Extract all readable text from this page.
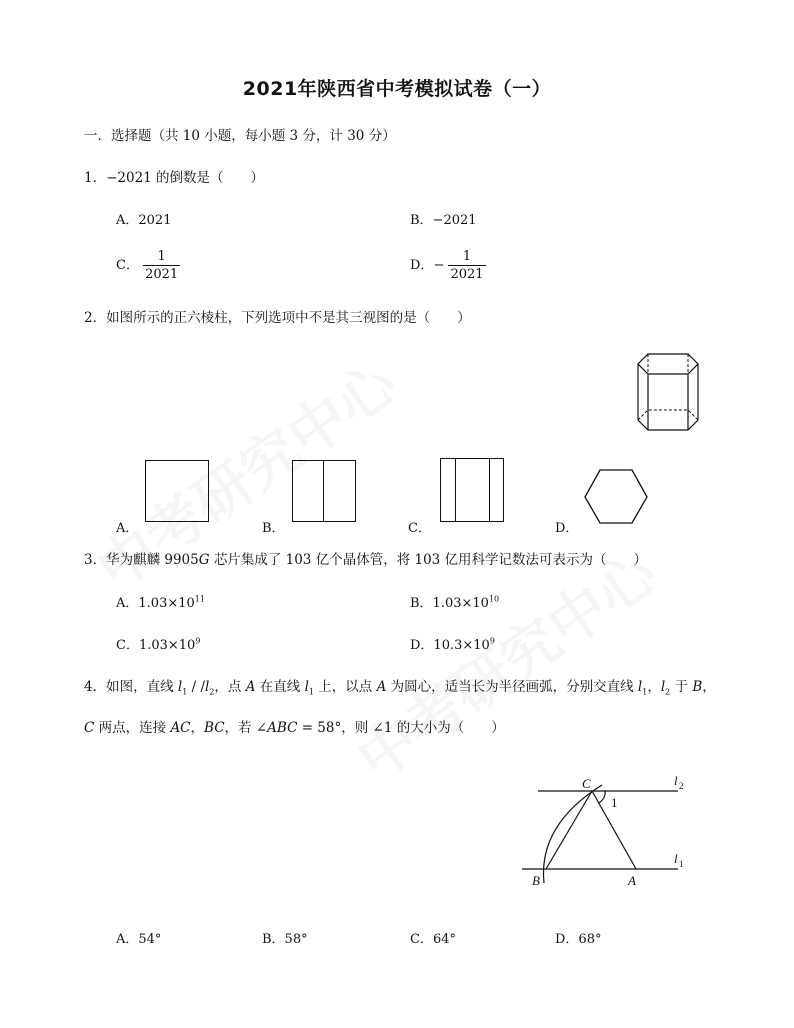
2021年陕西省中考模拟试卷（一）
一．选择题（共 10 小题，每小题 3 分，计 30 分）
1．−2021 的倒数是（　　）
A．2021	B．−2021
C． $\frac{1}{2021}$	D．− $\frac{1}{2021}$
2．如图所示的正六棱柱，下列选项中不是其三视图的是（　　）
A．	B．	C．	D．
3．华为麒麟 9905G 芯片集成了 103 亿个晶体管，将 103 亿用科学记数法可表示为（　　）
A．$1.03\times 10^{11}$	B．$1.03\times 10^{10}$
C．$1.03\times 10^9$	D．$10.3\times 10^9$
4．如图，直线 $l_1 / /l_2$，点 A 在直线 $l_1$ 上，以点 A 为圆心，适当长为半径画弧，分别交直线 $l_1$，$l_2$ 于 B，
C 两点，连接 AC，BC，若 ∠ABC = 58°，则 ∠1 的大小为（　　）
C
1
l 2
l 1
B	A
A．54°	B．58°	C．64°	D．68°
